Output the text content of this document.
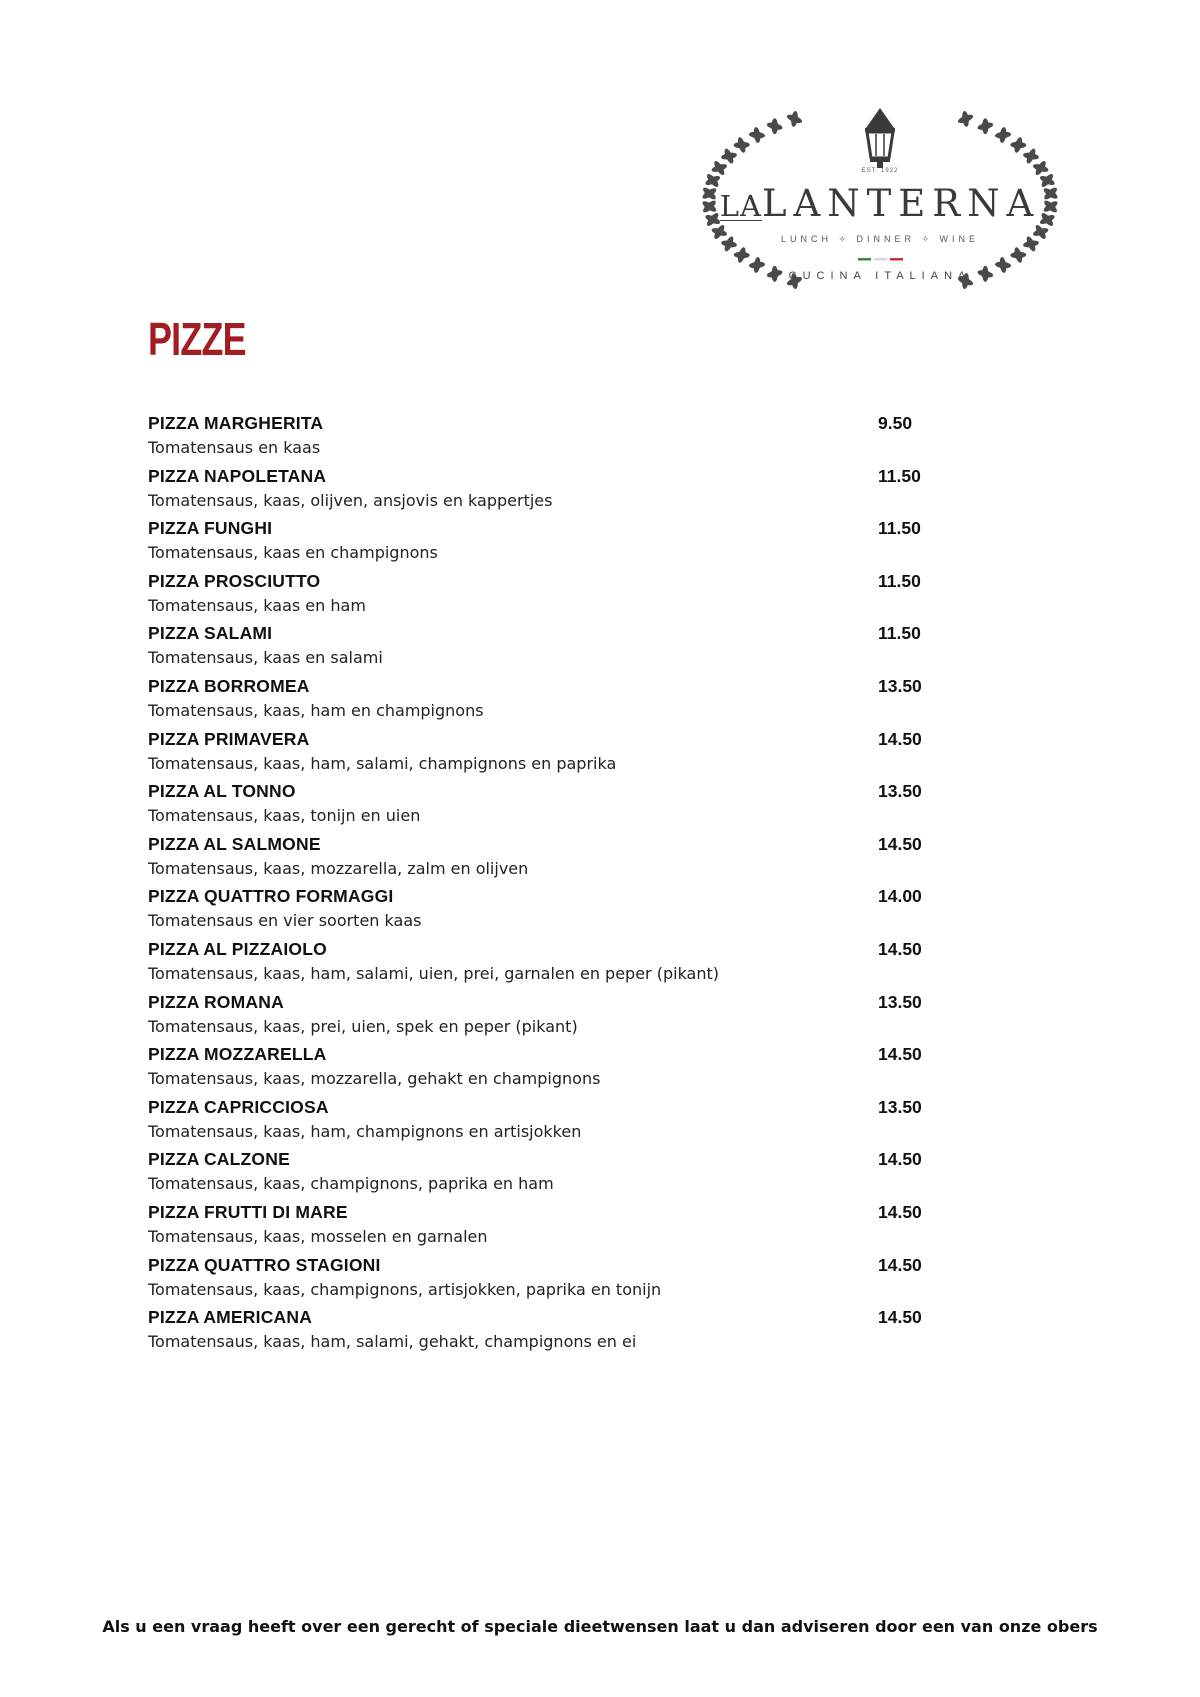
EST. 1922
LALANTERNA
LUNCH ✧ DINNER ✧ WINE
CUCINA ITALIANA
PIZZE
PIZZA MARGHERITA	9.50
Tomatensaus en kaas
PIZZA NAPOLETANA	11.50
Tomatensaus, kaas, olijven, ansjovis en kappertjes
PIZZA FUNGHI	11.50
Tomatensaus, kaas en champignons
PIZZA PROSCIUTTO	11.50
Tomatensaus, kaas en ham
PIZZA SALAMI	11.50
Tomatensaus, kaas en salami
PIZZA BORROMEA	13.50
Tomatensaus, kaas, ham en champignons
PIZZA PRIMAVERA	14.50
Tomatensaus, kaas, ham, salami, champignons en paprika
PIZZA AL TONNO	13.50
Tomatensaus, kaas, tonijn en uien
PIZZA AL SALMONE	14.50
Tomatensaus, kaas, mozzarella, zalm en olijven
PIZZA QUATTRO FORMAGGI	14.00
Tomatensaus en vier soorten kaas
PIZZA AL PIZZAIOLO	14.50
Tomatensaus, kaas, ham, salami, uien, prei, garnalen en peper (pikant)
PIZZA ROMANA	13.50
Tomatensaus, kaas, prei, uien, spek en peper (pikant)
PIZZA MOZZARELLA	14.50
Tomatensaus, kaas, mozzarella, gehakt en champignons
PIZZA CAPRICCIOSA	13.50
Tomatensaus, kaas, ham, champignons en artisjokken
PIZZA CALZONE	14.50
Tomatensaus, kaas, champignons, paprika en ham
PIZZA FRUTTI DI MARE	14.50
Tomatensaus, kaas, mosselen en garnalen
PIZZA QUATTRO STAGIONI	14.50
Tomatensaus, kaas, champignons, artisjokken, paprika en tonijn
PIZZA AMERICANA	14.50
Tomatensaus, kaas, ham, salami, gehakt, champignons en ei
Als u een vraag heeft over een gerecht of speciale dieetwensen laat u dan adviseren door een van onze obers
